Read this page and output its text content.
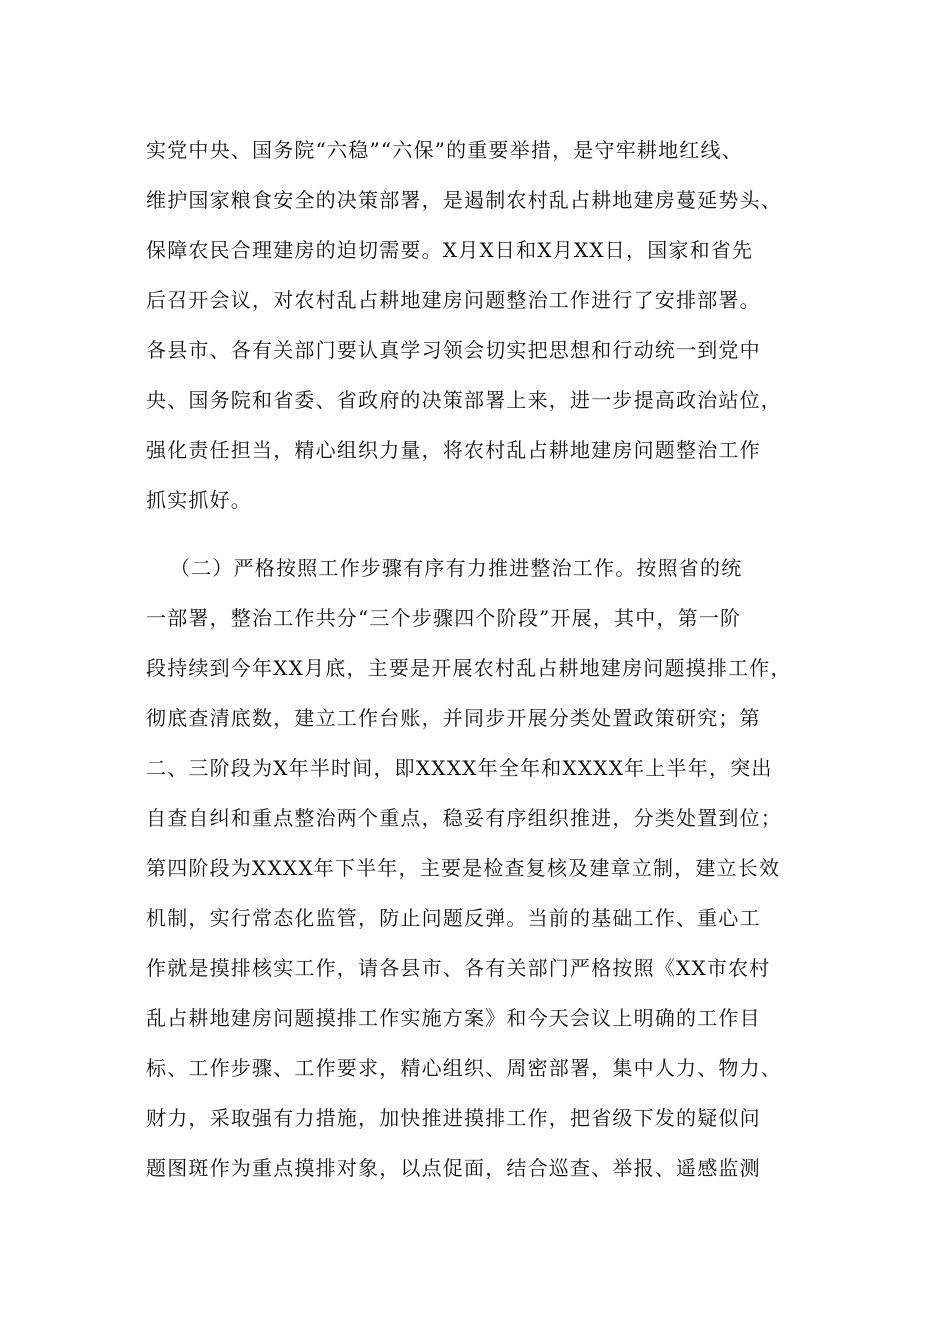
实党中央、国务院“六稳”“六保”的重要举措，是守牢耕地红线、
维护国家粮食安全的决策部署，是遏制农村乱占耕地建房蔓延势头、
保障农民合理建房的迫切需要。X月X日和X月XX日，国家和省先
后召开会议，对农村乱占耕地建房问题整治工作进行了安排部署。
各县市、各有关部门要认真学习领会切实把思想和行动统一到党中
央、国务院和省委、省政府的决策部署上来，进一步提高政治站位，
强化责任担当，精心组织力量，将农村乱占耕地建房问题整治工作
抓实抓好。
（二）严格按照工作步骤有序有力推进整治工作。按照省的统
一部署，整治工作共分“三个步骤四个阶段”开展，其中，第一阶
段持续到今年XX月底，主要是开展农村乱占耕地建房问题摸排工作，
彻底查清底数，建立工作台账，并同步开展分类处置政策研究；第
二、三阶段为X年半时间，即XXXX年全年和XXXX年上半年，突出
自查自纠和重点整治两个重点，稳妥有序组织推进，分类处置到位；
第四阶段为XXXX年下半年，主要是检查复核及建章立制，建立长效
机制，实行常态化监管，防止问题反弹。当前的基础工作、重心工
作就是摸排核实工作，请各县市、各有关部门严格按照《XX市农村
乱占耕地建房问题摸排工作实施方案》和今天会议上明确的工作目
标、工作步骤、工作要求，精心组织、周密部署，集中人力、物力、
财力，采取强有力措施，加快推进摸排工作，把省级下发的疑似问
题图斑作为重点摸排对象，以点促面，结合巡查、举报、遥感监测
